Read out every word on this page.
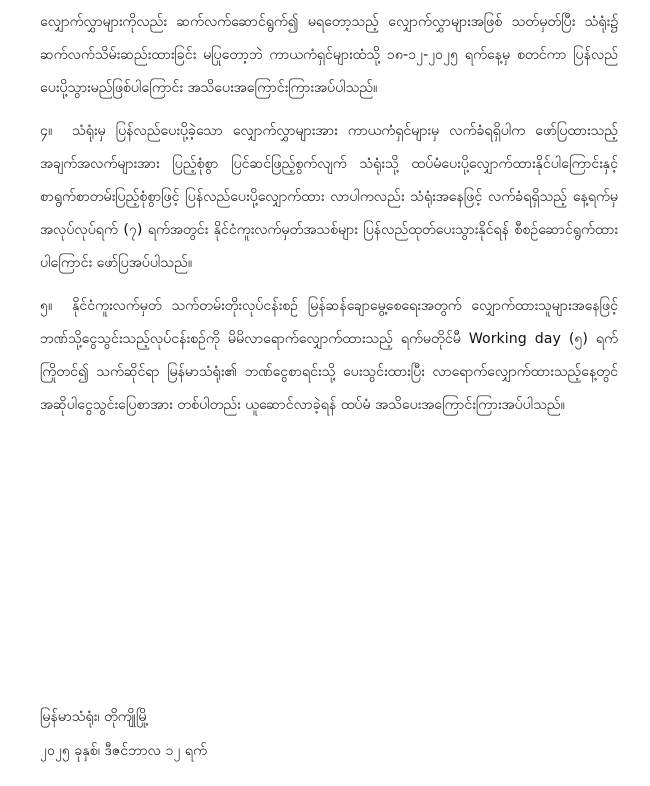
လျှောက်လွှာများကိုလည်း ဆက်လက်ဆောင်ရွက်၍ မရတော့သည့် လျှောက်လွှာများအဖြစ် သတ်မှတ်ပြီး သံရုံး၌ ဆက်လက်သိမ်းဆည်းထားခြင်း မပြုတော့ဘဲ ကာယကံရှင်များထံသို့ ၁၈-၁၂-၂၀၂၅ ရက်နေ့မှ စတင်ကာ ပြန်လည်ပေးပို့သွားမည်ဖြစ်ပါကြောင်း အသိပေးအကြောင်းကြားအပ်ပါသည်။

၄။ သံရုံးမှ ပြန်လည်ပေးပို့ခဲ့သော လျှောက်လွှာများအား ကာယကံရှင်များမှ လက်ခံရရှိပါက ဖော်ပြထားသည့် အချက်အလက်များအား ပြည့်စုံစွာ ပြင်ဆင်ဖြည့်စွက်လျက် သံရုံးသို့ ထပ်မံပေးပို့လျှောက်ထားနိုင်ပါကြောင်းနှင့် စာရွက်စာတမ်းပြည့်စုံစွာဖြင့် ပြန်လည်ပေးပို့လျှောက်ထား လာပါကလည်း သံရုံးအနေဖြင့် လက်ခံရရှိသည့် နေ့ရက်မှ အလုပ်လုပ်ရက် (၇) ရက်အတွင်း နိုင်ငံကူးလက်မှတ်အသစ်များ ပြန်လည်ထုတ်ပေးသွားနိုင်ရန် စီစဉ်ဆောင်ရွက်ထားပါကြောင်း ဖော်ပြအပ်ပါသည်။

၅။ နိုင်ငံကူးလက်မှတ် သက်တမ်းတိုးလုပ်ငန်းစဉ် မြန်ဆန်ချောမွေ့စေရေးအတွက် လျှောက်ထားသူများအနေဖြင့် ဘဏ်သို့ငွေသွင်းသည့်လုပ်ငန်းစဉ်ကို မိမိလာရောက်လျှောက်ထားသည့် ရက်မတိုင်မီ Working day (၅) ရက် ကြိုတင်၍ သက်ဆိုင်ရာ မြန်မာသံရုံး၏ ဘဏ်ငွေစာရင်းသို့ ပေးသွင်းထားပြီး လာရောက်လျှောက်ထားသည့်နေ့တွင် အဆိုပါငွေသွင်းပြေစာအား တစ်ပါတည်း ယူဆောင်လာခဲ့ရန် ထပ်မံ အသိပေးအကြောင်းကြားအပ်ပါသည်။

မြန်မာသံရုံး၊ တိုကျိုမြို့

၂၀၂၅ ခုနှစ်၊ ဒီဇင်ဘာလ ၁၂ ရက်
